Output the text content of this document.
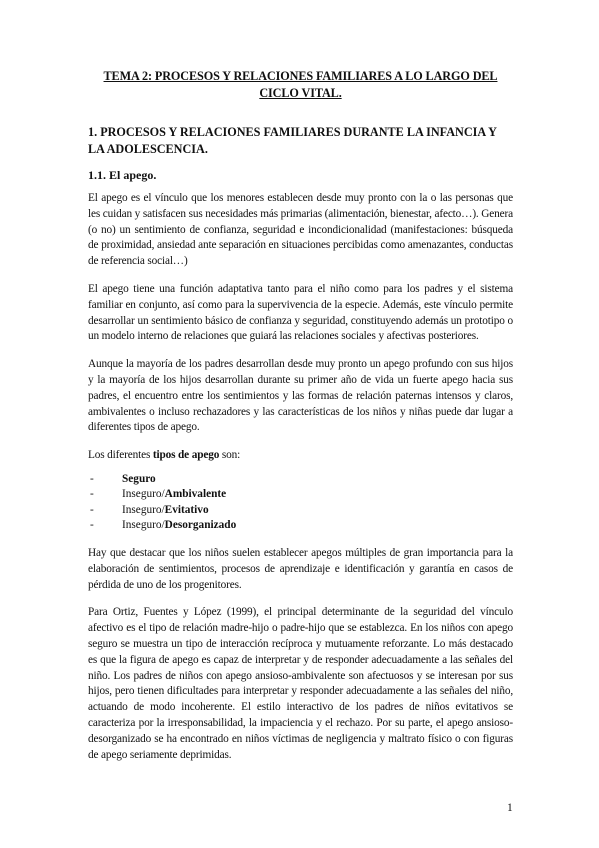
TEMA 2: PROCESOS Y RELACIONES FAMILIARES A LO LARGO DEL CICLO VITAL.
1. PROCESOS Y RELACIONES FAMILIARES DURANTE LA INFANCIA Y LA ADOLESCENCIA.
1.1. El apego.

El apego es el vínculo que los menores establecen desde muy pronto con la o las personas que les cuidan y satisfacen sus necesidades más primarias (alimentación, bienestar, afecto…). Genera (o no) un sentimiento de confianza, seguridad e incondicionalidad (manifestaciones: búsqueda de proximidad, ansiedad ante separación en situaciones percibidas como amenazantes, conductas de referencia social…)

El apego tiene una función adaptativa tanto para el niño como para los padres y el sistema familiar en conjunto, así como para la supervivencia de la especie. Además, este vínculo permite desarrollar un sentimiento básico de confianza y seguridad, constituyendo además un prototipo o un modelo interno de relaciones que guiará las relaciones sociales y afectivas posteriores.

Aunque la mayoría de los padres desarrollan desde muy pronto un apego profundo con sus hijos y la mayoría de los hijos desarrollan durante su primer año de vida un fuerte apego hacia sus padres, el encuentro entre los sentimientos y las formas de relación paternas intensos y claros, ambivalentes o incluso rechazadores y las características de los niños y niñas puede dar lugar a diferentes tipos de apego.

Los diferentes tipos de apego son:

-	Seguro
-	Inseguro/Ambivalente
-	Inseguro/Evitativo
-	Inseguro/Desorganizado

Hay que destacar que los niños suelen establecer apegos múltiples de gran importancia para la elaboración de sentimientos, procesos de aprendizaje e identificación y garantía en casos de pérdida de uno de los progenitores.

Para Ortiz, Fuentes y López (1999), el principal determinante de la seguridad del vínculo afectivo es el tipo de relación madre-hijo o padre-hijo que se establezca. En los niños con apego seguro se muestra un tipo de interacción recíproca y mutuamente reforzante. Lo más destacado es que la figura de apego es capaz de interpretar y de responder adecuadamente a las señales del niño. Los padres de niños con apego ansioso-ambivalente son afectuosos y se interesan por sus hijos, pero tienen dificultades para interpretar y responder adecuadamente a las señales del niño, actuando de modo incoherente. El estilo interactivo de los padres de niños evitativos se caracteriza por la irresponsabilidad, la impaciencia y el rechazo. Por su parte, el apego ansioso-desorganizado se ha encontrado en niños víctimas de negligencia y maltrato físico o con figuras de apego seriamente deprimidas.

1
